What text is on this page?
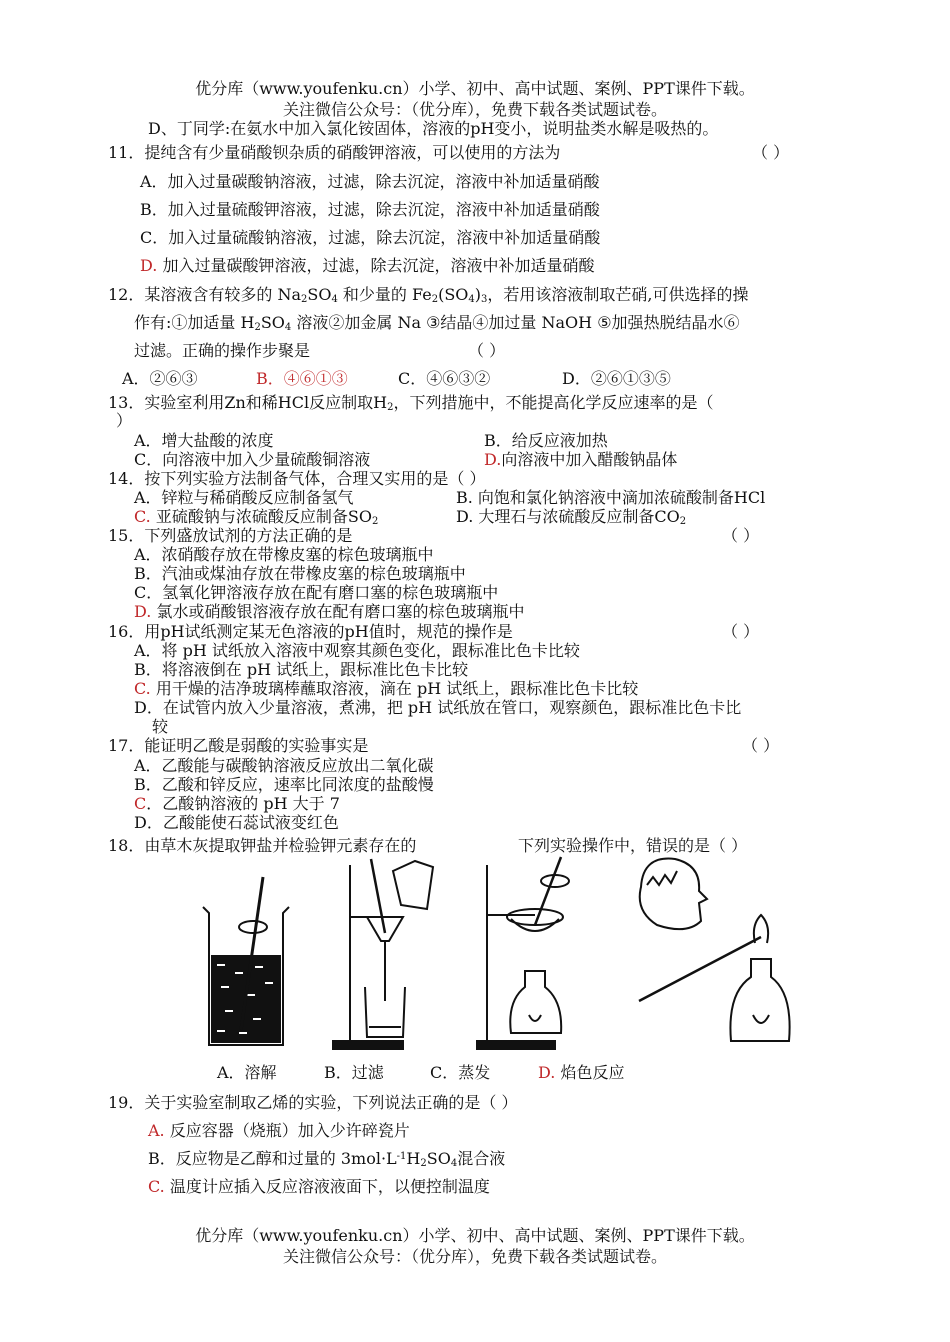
优分库（www.youfenku.cn）小学、初中、高中试题、案例、PPT课件下载。
关注微信公众号：（优分库），免费下载各类试题试卷。
D、丁同学:在氨水中加入氯化铵固体，溶液的pH变小，说明盐类水解是吸热的。
11．提纯含有少量硝酸钡杂质的硝酸钾溶液，可以使用的方法为	（ ）
A．加入过量碳酸钠溶液，过滤，除去沉淀，溶液中补加适量硝酸
B．加入过量硫酸钾溶液，过滤，除去沉淀，溶液中补加适量硝酸
C．加入过量硫酸钠溶液，过滤，除去沉淀，溶液中补加适量硝酸
D. 加入过量碳酸钾溶液，过滤，除去沉淀，溶液中补加适量硝酸
12．某溶液含有较多的 $Na_2SO_4$ 和少量的 $Fe_2(SO_4)_3$，若用该溶液制取芒硝,可供选择的操
作有:①加适量 $H_2SO_4$ 溶液②加金属 Na ③结晶④加过量 NaOH ⑤加强热脱结晶水⑥
过滤。正确的操作步聚是	（ ）
A．②⑥③	B．④⑥①③	C．④⑥③②	D．②⑥①③⑤
13．实验室利用Zn和稀HCl反应制取$H_2$，下列措施中，不能提高化学反应速率的是（
）
A．增大盐酸的浓度	B．给反应液加热
C．向溶液中加入少量硫酸铜溶液	D.向溶液中加入醋酸钠晶体
14．按下列实验方法制备气体，合理又实用的是（ ）
A．锌粒与稀硝酸反应制备氢气	B. 向饱和氯化钠溶液中滴加浓硫酸制备HCl
C. 亚硫酸钠与浓硫酸反应制备$SO_2$	D. 大理石与浓硫酸反应制备$CO_2$
15．下列盛放试剂的方法正确的是	（ ）
A．浓硝酸存放在带橡皮塞的棕色玻璃瓶中
B．汽油或煤油存放在带橡皮塞的棕色玻璃瓶中
C．氢氧化钾溶液存放在配有磨口塞的棕色玻璃瓶中
D. 氯水或硝酸银溶液存放在配有磨口塞的棕色玻璃瓶中
16．用pH试纸测定某无色溶液的pH值时，规范的操作是	（ ）
A．将 pH 试纸放入溶液中观察其颜色变化，跟标准比色卡比较
B．将溶液倒在 pH 试纸上，跟标准比色卡比较
C. 用干燥的洁净玻璃棒蘸取溶液，滴在 pH 试纸上，跟标准比色卡比较
D．在试管内放入少量溶液，煮沸，把 pH 试纸放在管口，观察颜色，跟标准比色卡比
较
17．能证明乙酸是弱酸的实验事实是	（ ）
A．乙酸能与碳酸钠溶液反应放出二氧化碳
B．乙酸和锌反应，速率比同浓度的盐酸慢
C．乙酸钠溶液的 pH 大于 7
D．乙酸能使石蕊试液变红色
18．由草木灰提取钾盐并检验钾元素存在的	下列实验操作中，错误的是（ ）
A．溶解	B．过滤	C．蒸发	D. 焰色反应
19．关于实验室制取乙烯的实验，下列说法正确的是（ ）
A. 反应容器（烧瓶）加入少许碎瓷片
B．反应物是乙醇和过量的 $3mol\cdot L^{-1}H_2SO_4$混合液
C. 温度计应插入反应溶液液面下，以便控制温度
优分库（www.youfenku.cn）小学、初中、高中试题、案例、PPT课件下载。
关注微信公众号：（优分库），免费下载各类试题试卷。
